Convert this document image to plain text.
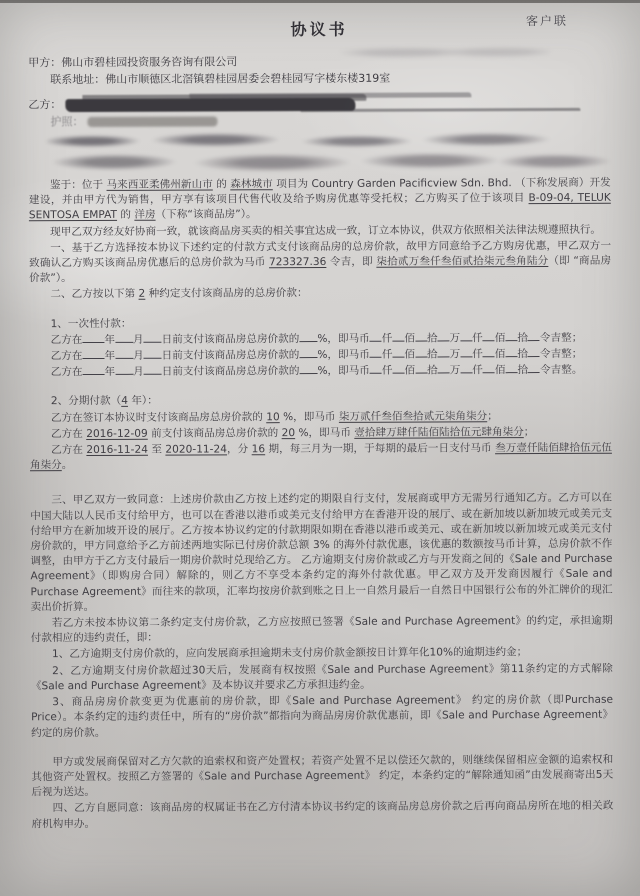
协议书	客户联
甲方：佛山市碧桂园投资服务咨询有限公司
联系地址：佛山市顺德区北滘镇碧桂园居委会碧桂园写字楼东楼319室
乙方：
护照：

鉴于：位于 马来西亚柔佛州新山市 的 森林城市 项目为 Country Garden Pacificview Sdn. Bhd. （下称发展商）开发建设，并由甲方代为销售，甲方享有该项目代售代收及给予购房优惠等受托权；乙方购买了位于该项目 B-09-04, TELUK SENTOSA EMPAT 的 洋房（下称“该商品房”）。

现甲乙双方经友好协商一致，就该商品房买卖的相关事宜达成一致，订立本协议，供双方依照相关法律法规遵照执行。

一、基于乙方选择按本协议下述约定的付款方式支付该商品房的总房价款，故甲方同意给予乙方购房优惠，甲乙双方一致确认乙方购买该商品房优惠后的总房价款为马币 723327.36 令吉，即 柒拾贰万叁仟叁佰贰拾柒元叁角陆分（即 “商品房价款”）。

二、乙方按以下第 2 种约定支付该商品房的总房价款：

1、一次性付款：

乙方在 年 月 日前支付该商品房总房价款的 %，即马币 仟 佰 拾 万 仟 佰 拾 令吉整；

乙方在 年 月 日前支付该商品房总房价款的 %，即马币 仟 佰 拾 万 仟 佰 拾 令吉整；

乙方在 年 月 日前支付该商品房总房价款的 %，即马币 仟 佰 拾 万 仟 佰 拾 令吉整。

2、分期付款（4 年）：

乙方在签订本协议时支付该商品房总房价款的 10 %，即马币 柒万贰仟叁佰叁拾贰元柒角柒分；

乙方在 2016-12-09 前支付该商品房总房价款的 20 %，即马币 壹拾肆万肆仟陆佰陆拾伍元肆角柒分；

乙方在 2016-11-24 至 2020-11-24，分 16 期，每三月为一期，于每期的最后一日支付马币 叁万壹仟陆佰肆拾伍元伍角柒分。

三、甲乙双方一致同意：上述房价款由乙方按上述约定的期限自行支付，发展商或甲方无需另行通知乙方。乙方可以在中国大陆以人民币支付给甲方，也可以在香港以港币或美元支付给甲方在香港开设的展厅、或在新加坡以新加坡元或美元支付给甲方在新加坡开设的展厅。乙方按本协议约定的付款期限如期在香港以港币或美元、或在新加坡以新加坡元或美元支付房价款的，甲方同意给予乙方前述两地实际已付房价款总额 3% 的海外付款优惠，该优惠的数额按马币计算，总房价款不作调整，由甲方于乙方支付最后一期房价款时兑现给乙方。 乙方逾期支付房价款或乙方与开发商之间的《Sale and Purchase Agreement》（即购房合同）解除的，则乙方不享受本条约定的海外付款优惠。甲乙双方及开发商因履行《Sale and Purchase Agreement》而往来的款项，汇率均按房价款到账之日上一自然月最后一自然日中国银行公布的外汇牌价的现汇卖出价折算。

若乙方未按本协议第二条约定支付房价款，乙方应按照已签署《Sale and Purchase Agreement》的约定，承担逾期付款相应的违约责任，即：

1、乙方逾期支付房价款的，应向发展商承担逾期未支付房价款金额按日计算年化10%的逾期违约金；

2、乙方逾期支付房价款超过30天后，发展商有权按照《Sale and Purchase Agreement》第11条约定的方式解除《Sale and Purchase Agreement》及本协议并要求乙方承担违约金。

3、商品房房价款变更为优惠前的房价款，即《Sale and Purchase Agreement》 约定的房价款（即Purchase Price）。本条约定的违约责任中，所有的“房价款”都指向为商品房房价款优惠前，即《Sale and Purchase Agreement》约定的房价款。

甲方或发展商保留对乙方欠款的追索权和资产处置权；若资产处置不足以偿还欠款的，则继续保留相应金额的追索权和其他资产处置权。按照乙方签署的《Sale and Purchase Agreement》 约定，本条约定的“解除通知函”由发展商寄出5天后视为送达。

四、乙方自愿同意：该商品房的权属证书在乙方付清本协议书约定的该商品房总房价款之后再向商品房所在地的相关政府机构申办。
